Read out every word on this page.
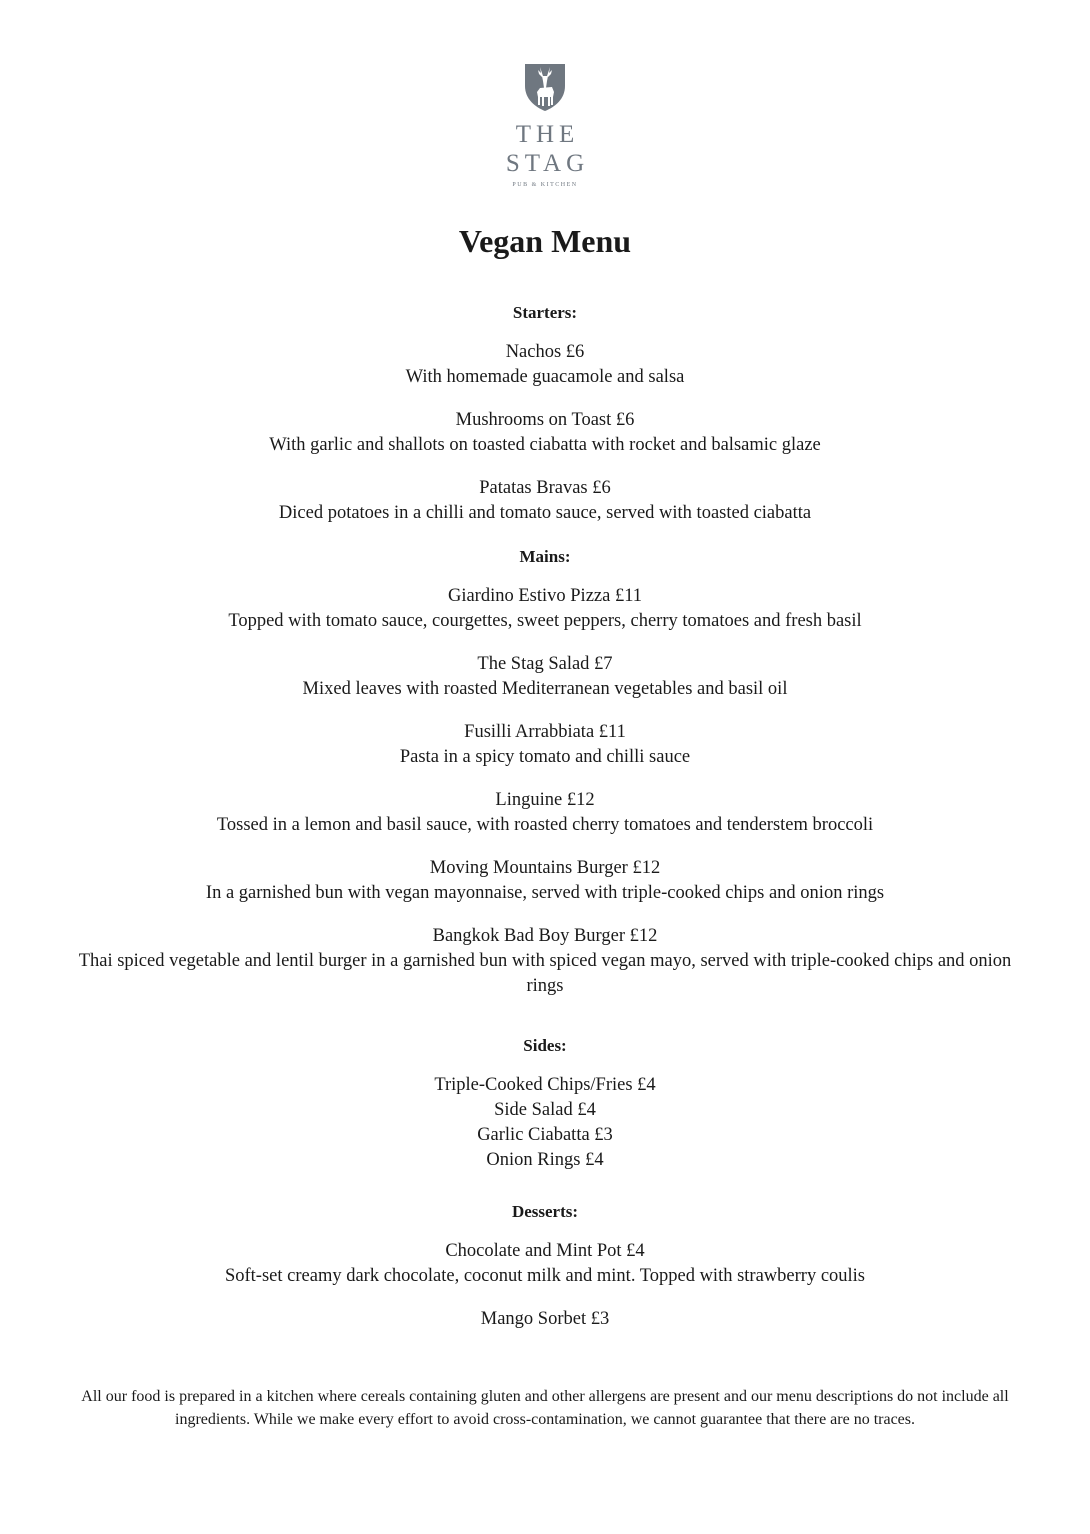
THE
STAG
PUB & KITCHEN
Vegan Menu
Starters:
Nachos £6
With homemade guacamole and salsa
Mushrooms on Toast £6
With garlic and shallots on toasted ciabatta with rocket and balsamic glaze
Patatas Bravas £6
Diced potatoes in a chilli and tomato sauce, served with toasted ciabatta
Mains:
Giardino Estivo Pizza £11
Topped with tomato sauce, courgettes, sweet peppers, cherry tomatoes and fresh basil
The Stag Salad £7
Mixed leaves with roasted Mediterranean vegetables and basil oil
Fusilli Arrabbiata £11
Pasta in a spicy tomato and chilli sauce
Linguine £12
Tossed in a lemon and basil sauce, with roasted cherry tomatoes and tenderstem broccoli
Moving Mountains Burger £12
In a garnished bun with vegan mayonnaise, served with triple-cooked chips and onion rings
Bangkok Bad Boy Burger £12
Thai spiced vegetable and lentil burger in a garnished bun with spiced vegan mayo, served with triple-cooked chips and onion rings
Sides:
Triple-Cooked Chips/Fries £4
Side Salad £4
Garlic Ciabatta £3
Onion Rings £4
Desserts:
Chocolate and Mint Pot £4
Soft-set creamy dark chocolate, coconut milk and mint. Topped with strawberry coulis
Mango Sorbet £3
All our food is prepared in a kitchen where cereals containing gluten and other allergens are present and our menu descriptions do not include all ingredients. While we make every effort to avoid cross-contamination, we cannot guarantee that there are no traces.
